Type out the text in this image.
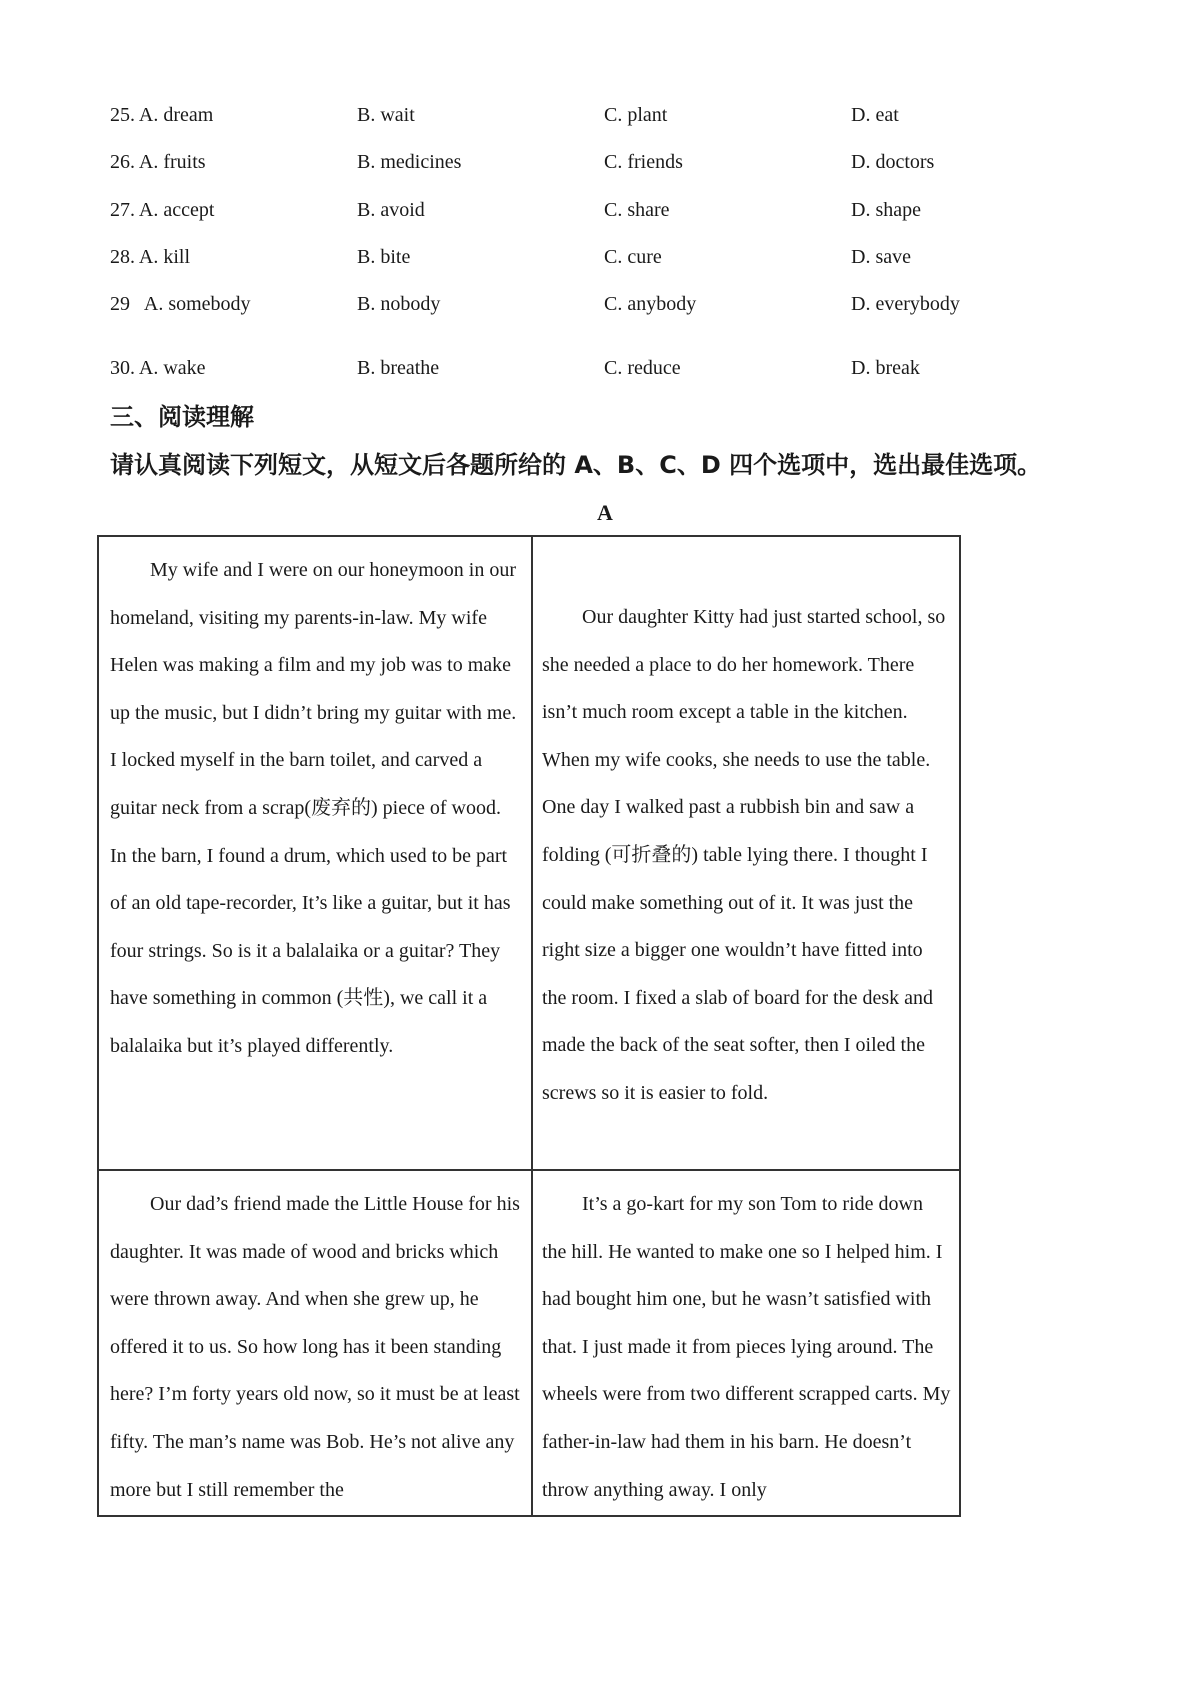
25. A. dream	B. wait	C. plant	D. eat
26. A. fruits	B. medicines	C. friends	D. doctors
27. A. accept	B. avoid	C. share	D. shape
28. A. kill	B. bite	C. cure	D. save
29   A. somebody	B. nobody	C. anybody	D. everybody
30. A. wake	B. breathe	C. reduce	D. break
三、阅读理解
请认真阅读下列短文，从短文后各题所给的 A、B、C、D 四个选项中，选出最佳选项。
A

My wife and I were on our honeymoon in our homeland, visiting my parents-in-law. My wife Helen was making a film and my job was to make up the music, but I didn’t bring my guitar with me. I locked myself in the barn toilet, and carved a guitar neck from a scrap(废弃的) piece of wood. In the barn, I found a drum, which used to be part of an old tape-recorder, It’s like a guitar, but it has four strings. So is it a balalaika or a guitar? They have something in common (共性), we call it a balalaika but it’s played differently.

Our daughter Kitty had just started school, so she needed a place to do her homework. There isn’t much room except a table in the kitchen. When my wife cooks, she needs to use the table. One day I walked past a rubbish bin and saw a folding (可折叠的) table lying there. I thought I could make something out of it. It was just the right size a bigger one wouldn’t have fitted into the room. I fixed a slab of board for the desk and made the back of the seat softer, then I oiled the screws so it is easier to fold.

Our dad’s friend made the Little House for his daughter. It was made of wood and bricks which were thrown away. And when she grew up, he offered it to us. So how long has it been standing here? I’m forty years old now, so it must be at least fifty. The man’s name was Bob. He’s not alive any more but I still remember the

It’s a go-kart for my son Tom to ride down the hill. He wanted to make one so I helped him. I had bought him one, but he wasn’t satisfied with that. I just made it from pieces lying around. The wheels were from two different scrapped carts. My father-in-law had them in his barn. He doesn’t throw anything away. I only
